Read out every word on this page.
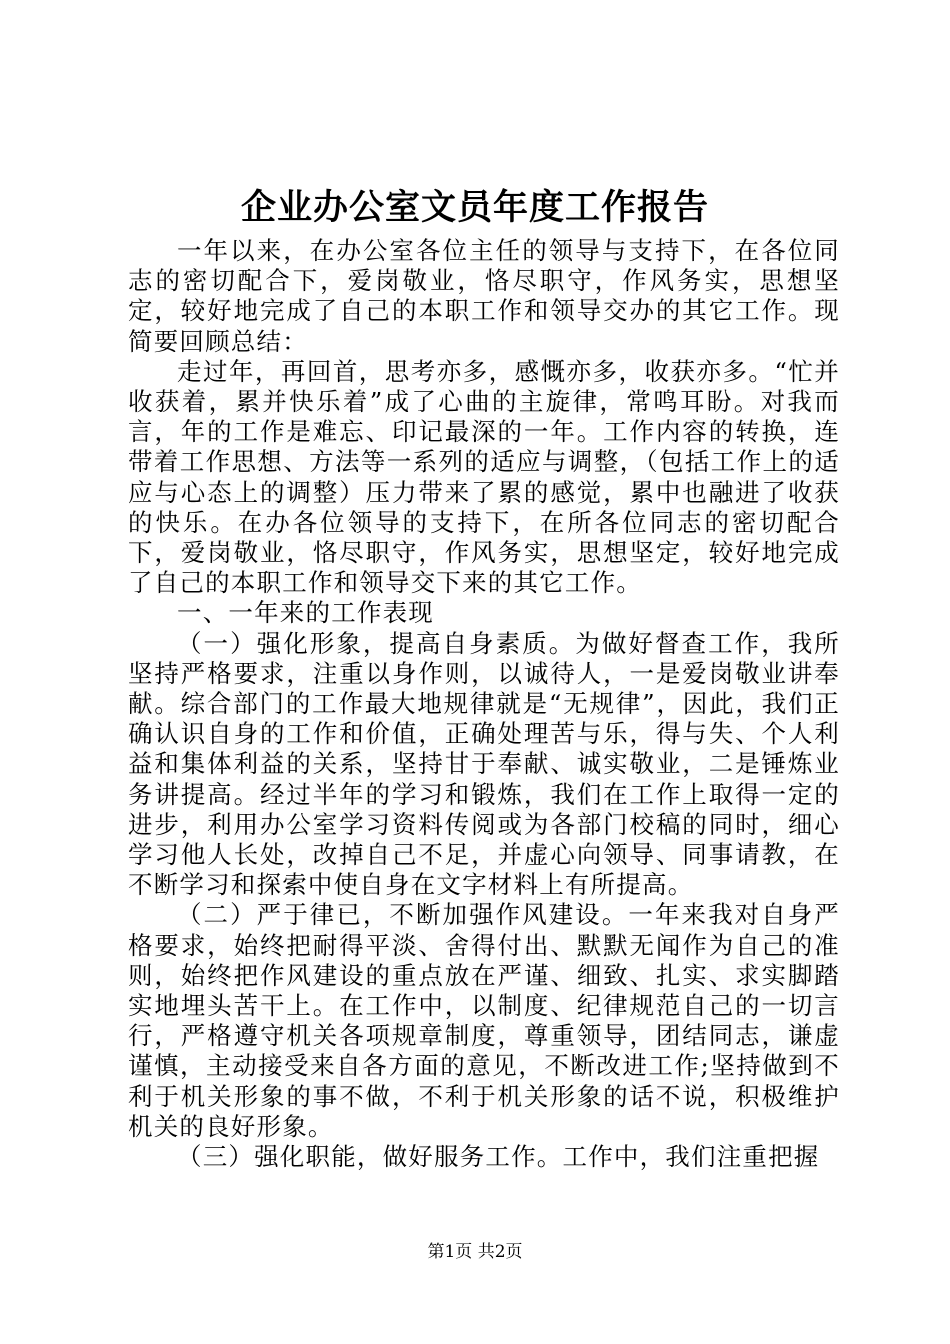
企业办公室文员年度工作报告

一年以来，在办公室各位主任的领导与支持下，在各位同志的密切配合下，爱岗敬业，恪尽职守，作风务实，思想坚定，较好地完成了自己的本职工作和领导交办的其它工作。现简要回顾总结：

走过年，再回首，思考亦多，感慨亦多，收获亦多。“忙并收获着，累并快乐着”成了心曲的主旋律，常鸣耳盼。对我而言，年的工作是难忘、印记最深的一年。工作内容的转换，连带着工作思想、方法等一系列的适应与调整，（包括工作上的适应与心态上的调整）压力带来了累的感觉，累中也融进了收获的快乐。在办各位领导的支持下，在所各位同志的密切配合下，爱岗敬业，恪尽职守，作风务实，思想坚定，较好地完成了自己的本职工作和领导交下来的其它工作。

一、一年来的工作表现

（一）强化形象，提高自身素质。为做好督查工作，我所坚持严格要求，注重以身作则，以诚待人，一是爱岗敬业讲奉献。综合部门的工作最大地规律就是“无规律”，因此，我们正确认识自身的工作和价值，正确处理苦与乐，得与失、个人利益和集体利益的关系，坚持甘于奉献、诚实敬业，二是锤炼业务讲提高。经过半年的学习和锻炼，我们在工作上取得一定的进步，利用办公室学习资料传阅或为各部门校稿的同时，细心学习他人长处，改掉自己不足，并虚心向领导、同事请教，在不断学习和探索中使自身在文字材料上有所提高。

（二）严于律已，不断加强作风建设。一年来我对自身严格要求，始终把耐得平淡、舍得付出、默默无闻作为自己的准则，始终把作风建设的重点放在严谨、细致、扎实、求实脚踏实地埋头苦干上。在工作中，以制度、纪律规范自己的一切言行，严格遵守机关各项规章制度，尊重领导，团结同志，谦虚谨慎，主动接受来自各方面的意见，不断改进工作;坚持做到不利于机关形象的事不做，不利于机关形象的话不说，积极维护机关的良好形象。

（三）强化职能，做好服务工作。工作中，我们注重把握

第1页 共2页
